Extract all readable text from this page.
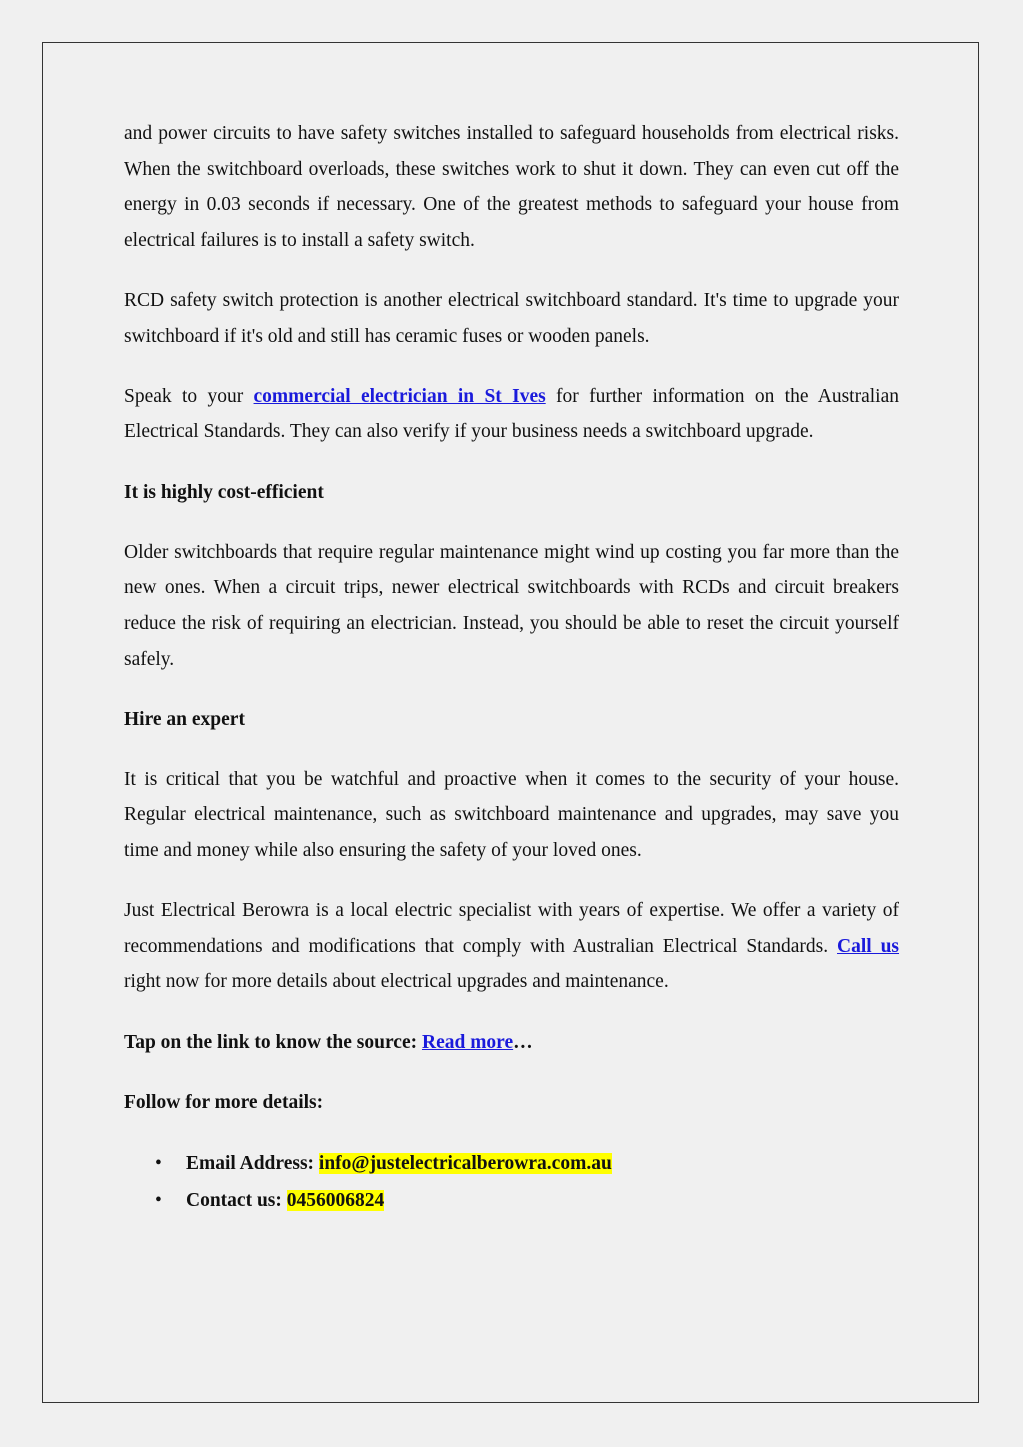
and power circuits to have safety switches installed to safeguard households from electrical risks. When the switchboard overloads, these switches work to shut it down. They can even cut off the energy in 0.03 seconds if necessary. One of the greatest methods to safeguard your house from electrical failures is to install a safety switch.

RCD safety switch protection is another electrical switchboard standard. It's time to upgrade your switchboard if it's old and still has ceramic fuses or wooden panels.

Speak to your commercial electrician in St Ives for further information on the Australian Electrical Standards. They can also verify if your business needs a switchboard upgrade.

It is highly cost-efficient

Older switchboards that require regular maintenance might wind up costing you far more than the new ones. When a circuit trips, newer electrical switchboards with RCDs and circuit breakers reduce the risk of requiring an electrician. Instead, you should be able to reset the circuit yourself safely.

Hire an expert

It is critical that you be watchful and proactive when it comes to the security of your house. Regular electrical maintenance, such as switchboard maintenance and upgrades, may save you time and money while also ensuring the safety of your loved ones.

Just Electrical Berowra is a local electric specialist with years of expertise. We offer a variety of recommendations and modifications that comply with Australian Electrical Standards. Call us right now for more details about electrical upgrades and maintenance.

Tap on the link to know the source: Read more…

Follow for more details:

• Email Address: info@justelectricalberowra.com.au
• Contact us: 0456006824
